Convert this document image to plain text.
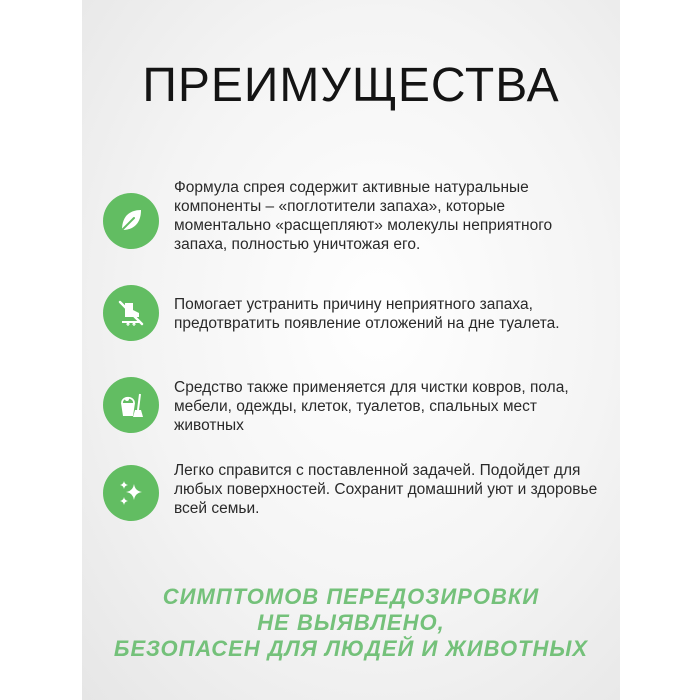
ПРЕИМУЩЕСТВА
Формула спрея содержит активные натуральные компоненты – «поглотители запаха», которые моментально «расщепляют» молекулы неприятного запаха, полностью уничтожая его.
Помогает устранить причину неприятного запаха, предотвратить появление отложений на дне туалета.
Средство также применяется для чистки ковров, пола, мебели, одежды, клеток, туалетов, спальных мест животных
Легко справится с поставленной задачей. Подойдет для любых поверхностей. Сохранит домашний уют и здоровье всей семьи.
СИМПТОМОВ ПЕРЕДОЗИРОВКИ
НЕ ВЫЯВЛЕНО,
БЕЗОПАСЕН ДЛЯ ЛЮДЕЙ И ЖИВОТНЫХ
